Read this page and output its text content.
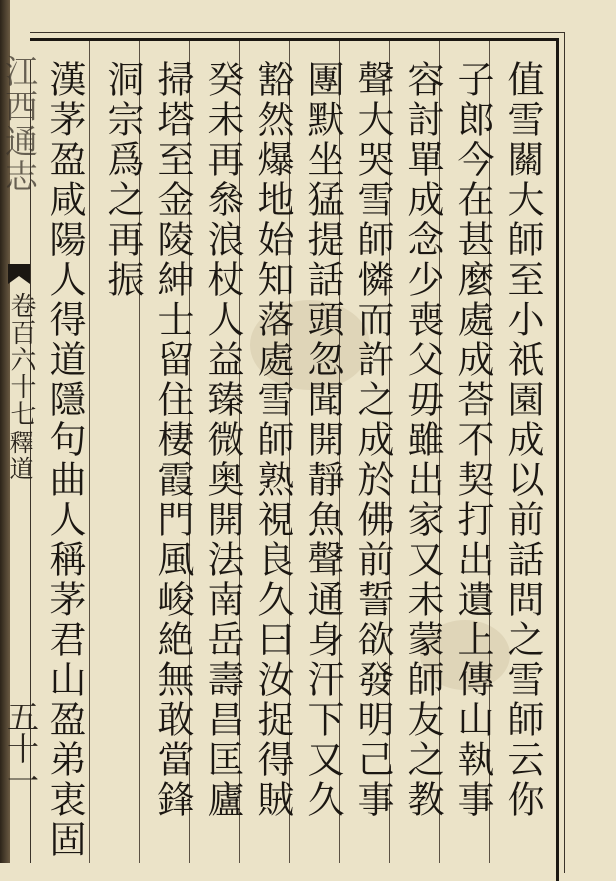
江西通志
卷百六十七
釋道
五十一	值雪關大師至小祇園成以前話問之雪師云你
子郎今在甚麼處成荅不契打出遺上傳山執事
容討單成念少喪父毋雖出家又未蒙師友之教
聲大哭雪師憐而許之成於佛前誓欲發明己事
團默坐猛提話頭忽聞開靜魚聲通身汗下又久
豁然爆地始知落處雪師熟視良久曰汝捉得賊
癸未再叅浪杖人益臻微奥開法南岳壽昌匡廬
掃塔至金陵紳士留住棲霞門風峻絶無敢當鋒
洞宗爲之再振
漢茅盈咸陽人得道隱句曲人稱茅君山盈弟衷固
